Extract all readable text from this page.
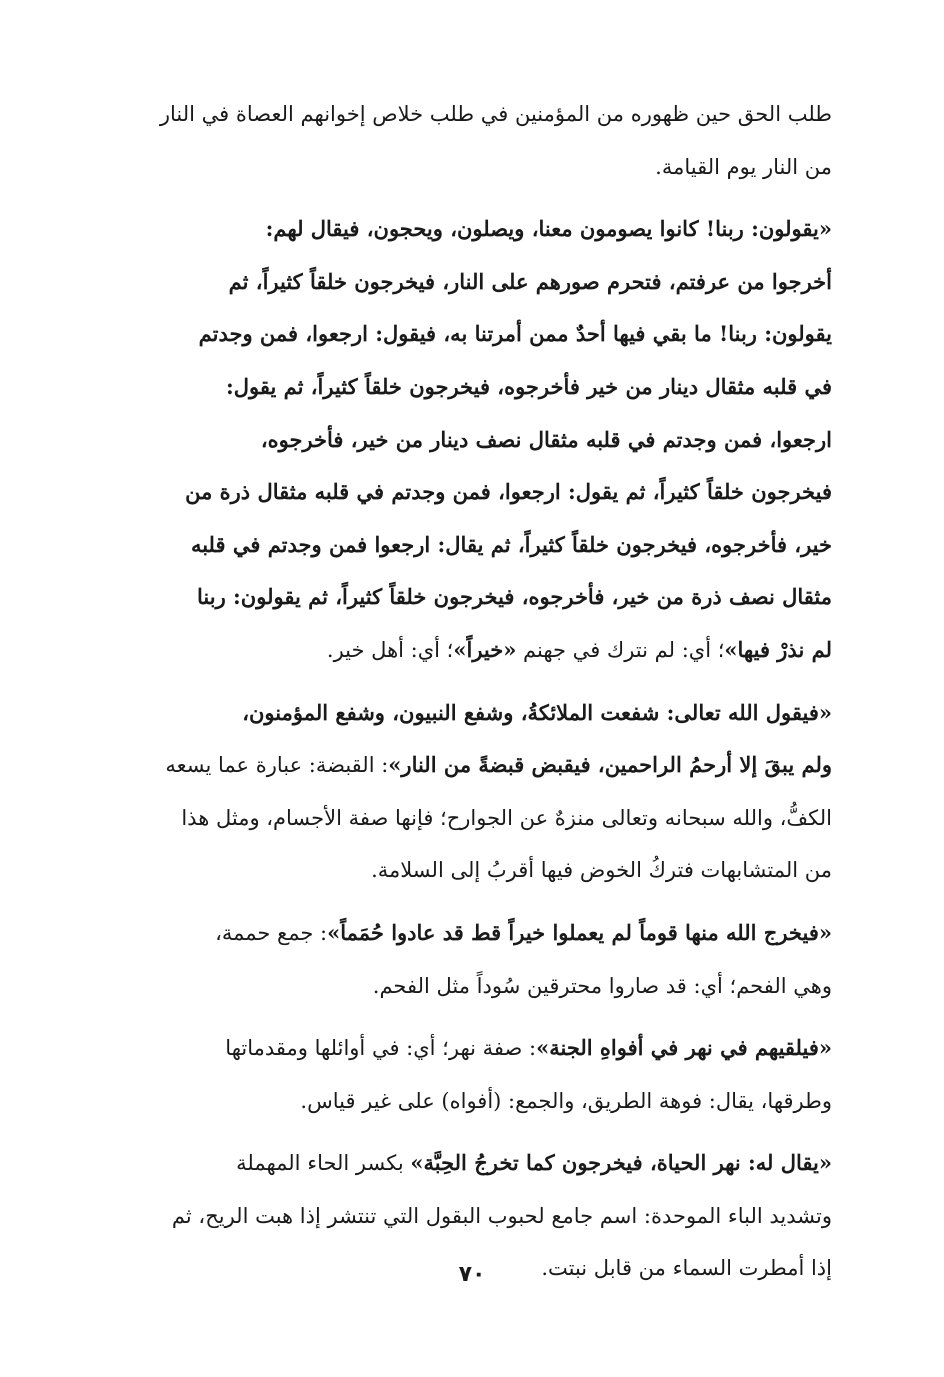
طلب الحق حين ظهوره من المؤمنين في طلب خلاص إخوانهم العصاة في النار
من النار يوم القيامة.
«يقولون: ربنا! كانوا يصومون معنا، ويصلون، ويحجون، فيقال لهم:
أخرجوا من عرفتم، فتحرم صورهم على النار، فيخرجون خلقاً كثيراً، ثم
يقولون: ربنا! ما بقي فيها أحدٌ ممن أمرتنا به، فيقول: ارجعوا، فمن وجدتم
في قلبه مثقال دينار من خير فأخرجوه، فيخرجون خلقاً كثيراً، ثم يقول:
ارجعوا، فمن وجدتم في قلبه مثقال نصف دينار من خير، فأخرجوه،
فيخرجون خلقاً كثيراً، ثم يقول: ارجعوا، فمن وجدتم في قلبه مثقال ذرة من
خير، فأخرجوه، فيخرجون خلقاً كثيراً، ثم يقال: ارجعوا فمن وجدتم في قلبه
مثقال نصف ذرة من خير، فأخرجوه، فيخرجون خلقاً كثيراً، ثم يقولون: ربنا
لم نذرْ فيها»؛ أي: لم نترك في جهنم «خيراً»؛ أي: أهل خير.
«فيقول الله تعالى: شفعت الملائكةُ، وشفع النبيون، وشفع المؤمنون،
ولم يبقَ إلا أرحمُ الراحمين، فيقبض قبضةً من النار»: القبضة: عبارة عما يسعه
الكفُّ، والله سبحانه وتعالى منزهٌ عن الجوارح؛ فإنها صفة الأجسام، ومثل هذا
من المتشابهات فتركُ الخوض فيها أقربُ إلى السلامة.
«فيخرج الله منها قوماً لم يعملوا خيراً قط قد عادوا حُمَماً»: جمع حممة،
وهي الفحم؛ أي: قد صاروا محترقين سُوداً مثل الفحم.
«فيلقيهم في نهر في أفواهِ الجنة»: صفة نهر؛ أي: في أوائلها ومقدماتها
وطرقها، يقال: فوهة الطريق، والجمع: (أفواه) على غير قياس.
«يقال له: نهر الحياة، فيخرجون كما تخرجُ الحِبَّة» بكسر الحاء المهملة
وتشديد الباء الموحدة: اسم جامع لحبوب البقول التي تنتشر إذا هبت الريح، ثم
إذا أمطرت السماء من قابل نبتت.
٧٠
